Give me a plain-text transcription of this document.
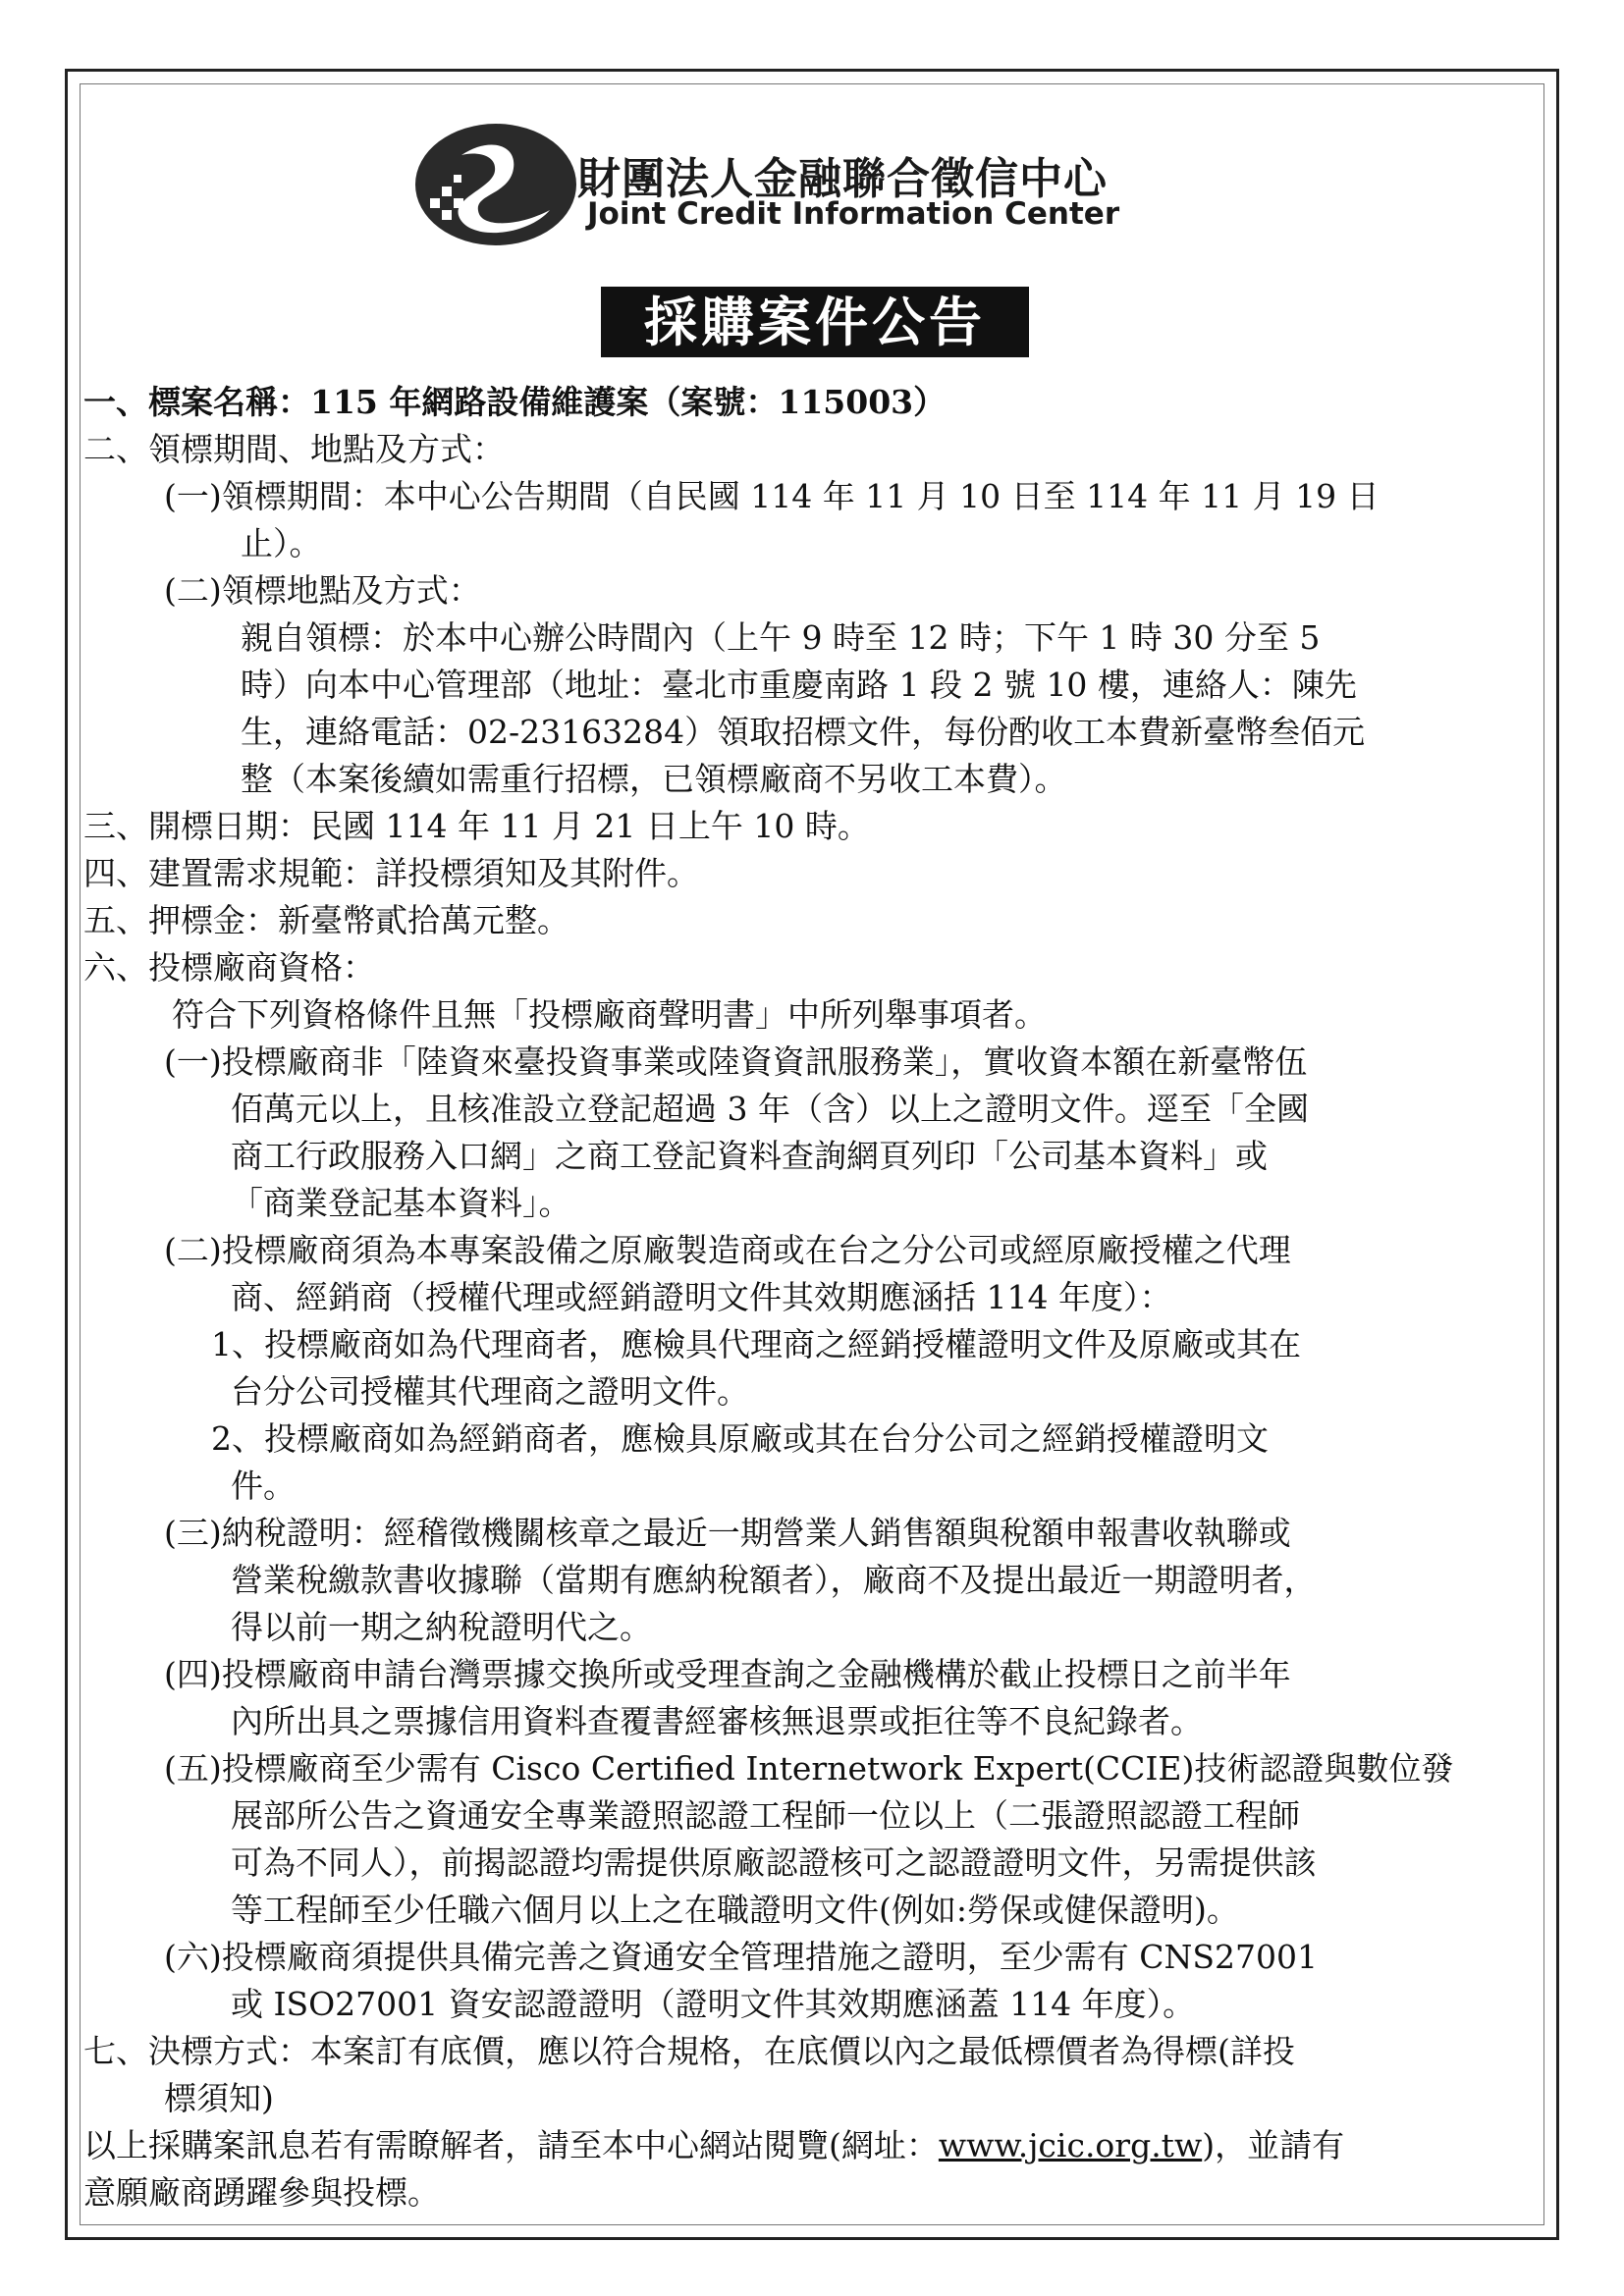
財團法人金融聯合徵信中心
Joint Credit Information Center
採購案件公告
一、標案名稱：115 年網路設備維護案（案號：115003）
二、領標期間、地點及方式：
(一)領標期間：本中心公告期間（自民國 114 年 11 月 10 日至 114 年 11 月 19 日
止）。
(二)領標地點及方式：
親自領標：於本中心辦公時間內（上午 9 時至 12 時；下午 1 時 30 分至 5
時）向本中心管理部（地址：臺北市重慶南路 1 段 2 號 10 樓，連絡人：陳先
生，連絡電話：02-23163284）領取招標文件，每份酌收工本費新臺幣叁佰元
整（本案後續如需重行招標，已領標廠商不另收工本費）。
三、開標日期：民國 114 年 11 月 21 日上午 10 時。
四、建置需求規範：詳投標須知及其附件。
五、押標金：新臺幣貳拾萬元整。
六、投標廠商資格：
符合下列資格條件且無「投標廠商聲明書」中所列舉事項者。
(一)投標廠商非「陸資來臺投資事業或陸資資訊服務業」，實收資本額在新臺幣伍
佰萬元以上，且核准設立登記超過 3 年（含）以上之證明文件。逕至「全國
商工行政服務入口網」之商工登記資料查詢網頁列印「公司基本資料」或
「商業登記基本資料」。
(二)投標廠商須為本專案設備之原廠製造商或在台之分公司或經原廠授權之代理
商、經銷商（授權代理或經銷證明文件其效期應涵括 114 年度）：
1、投標廠商如為代理商者，應檢具代理商之經銷授權證明文件及原廠或其在
台分公司授權其代理商之證明文件。
2、投標廠商如為經銷商者，應檢具原廠或其在台分公司之經銷授權證明文
件。
(三)納稅證明：經稽徵機關核章之最近一期營業人銷售額與稅額申報書收執聯或
營業稅繳款書收據聯（當期有應納稅額者），廠商不及提出最近一期證明者，
得以前一期之納稅證明代之。
(四)投標廠商申請台灣票據交換所或受理查詢之金融機構於截止投標日之前半年
內所出具之票據信用資料查覆書經審核無退票或拒往等不良紀錄者。
(五)投標廠商至少需有 Cisco Certified Internetwork Expert(CCIE)技術認證與數位發
展部所公告之資通安全專業證照認證工程師一位以上（二張證照認證工程師
可為不同人），前揭認證均需提供原廠認證核可之認證證明文件，另需提供該
等工程師至少任職六個月以上之在職證明文件(例如:勞保或健保證明)。
(六)投標廠商須提供具備完善之資通安全管理措施之證明，至少需有 CNS27001
或 ISO27001 資安認證證明（證明文件其效期應涵蓋 114 年度）。
七、決標方式：本案訂有底價，應以符合規格，在底價以內之最低標價者為得標(詳投
標須知)
以上採購案訊息若有需瞭解者，請至本中心網站閱覽(網址：www.jcic.org.tw)，並請有
意願廠商踴躍參與投標。
